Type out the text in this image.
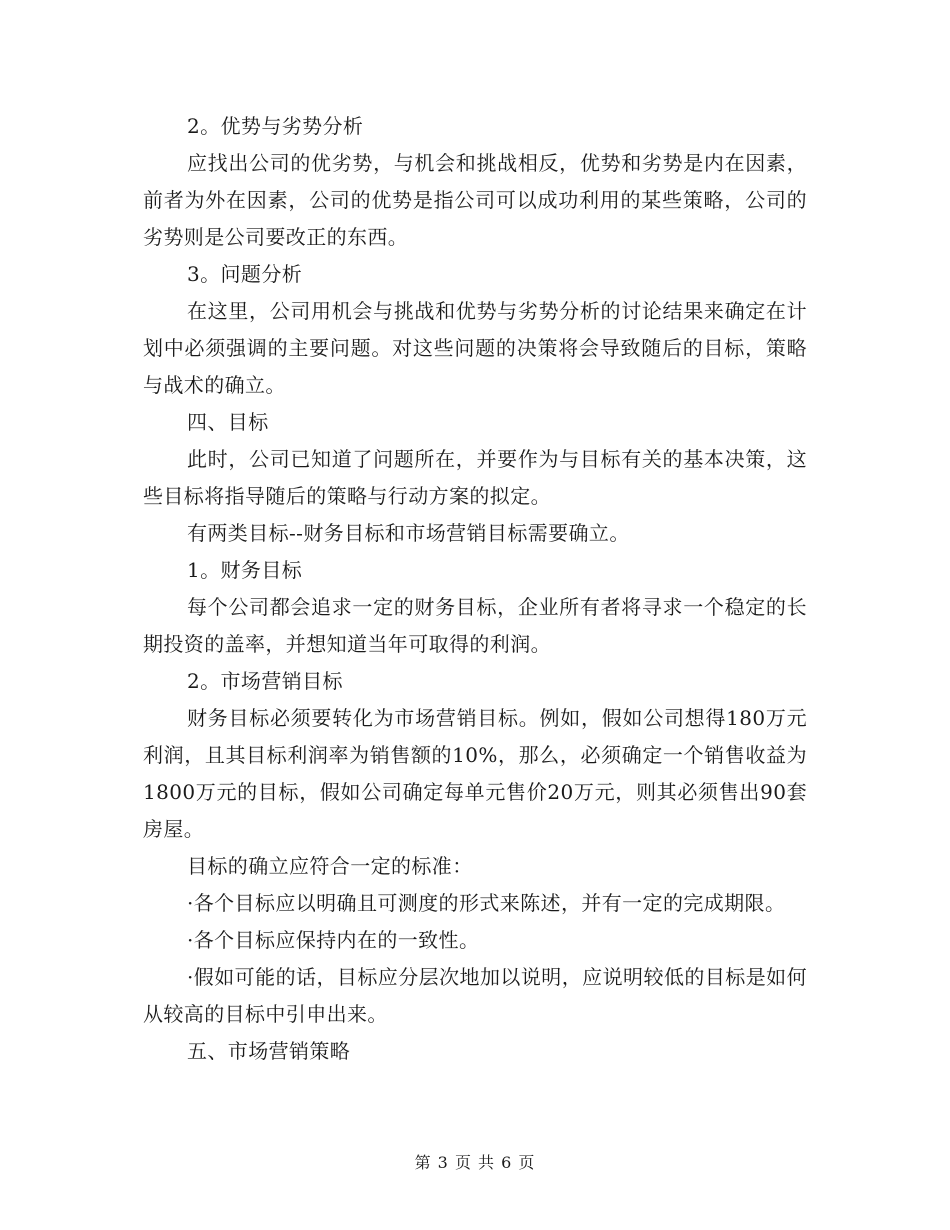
2。优势与劣势分析

应找出公司的优劣势，与机会和挑战相反，优势和劣势是内在因素，前者为外在因素，公司的优势是指公司可以成功利用的某些策略，公司的劣势则是公司要改正的东西。

3。问题分析

在这里，公司用机会与挑战和优势与劣势分析的讨论结果来确定在计划中必须强调的主要问题。对这些问题的决策将会导致随后的目标，策略与战术的确立。

四、目标

此时，公司已知道了问题所在，并要作为与目标有关的基本决策，这些目标将指导随后的策略与行动方案的拟定。

有两类目标--财务目标和市场营销目标需要确立。

1。财务目标

每个公司都会追求一定的财务目标，企业所有者将寻求一个稳定的长期投资的盖率，并想知道当年可取得的利润。

2。市场营销目标

财务目标必须要转化为市场营销目标。例如，假如公司想得180万元利润，且其目标利润率为销售额的10%，那么，必须确定一个销售收益为1800万元的目标，假如公司确定每单元售价20万元，则其必须售出90套房屋。

目标的确立应符合一定的标准：

·各个目标应以明确且可测度的形式来陈述，并有一定的完成期限。

·各个目标应保持内在的一致性。

·假如可能的话，目标应分层次地加以说明，应说明较低的目标是如何从较高的目标中引申出来。

五、市场营销策略

第 3 页 共 6 页
